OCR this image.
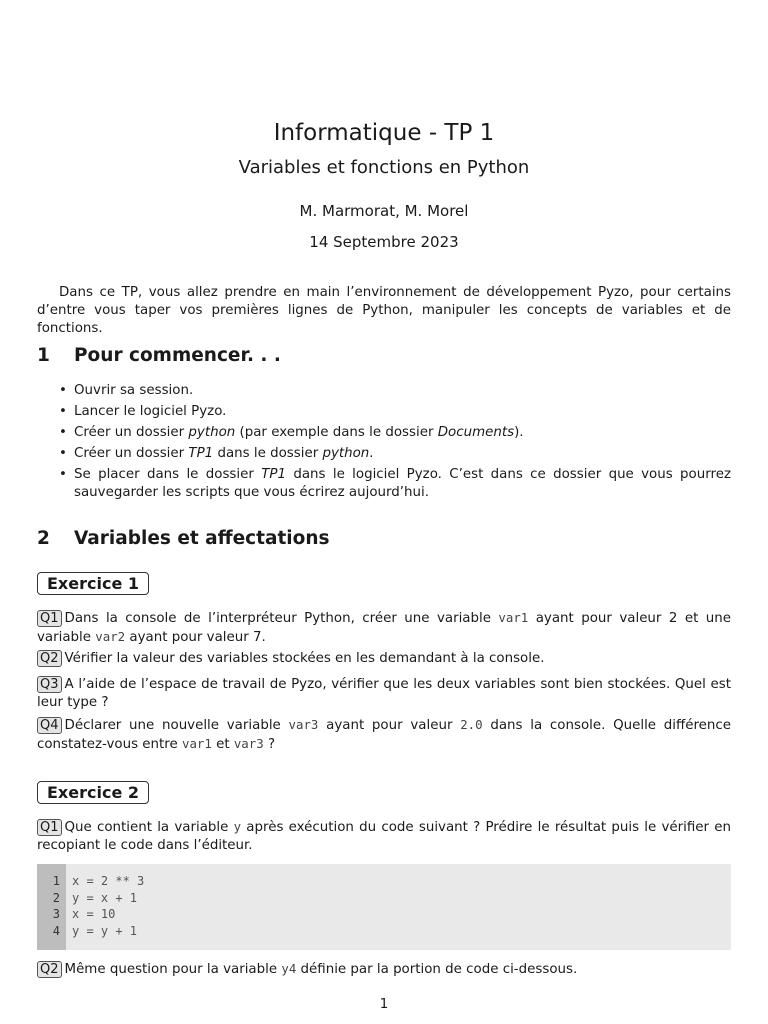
Informatique - TP 1
Variables et fonctions en Python
M. Marmorat, M. Morel
14 Septembre 2023
Dans ce TP, vous allez prendre en main l’environnement de développement Pyzo, pour certains d’entre vous taper vos premières lignes de Python, manipuler les concepts de variables et de fonctions.
1 Pour commencer. . .
• Ouvrir sa session.
• Lancer le logiciel Pyzo.
• Créer un dossier python (par exemple dans le dossier Documents).
• Créer un dossier TP1 dans le dossier python.
• Se placer dans le dossier TP1 dans le logiciel Pyzo. C’est dans ce dossier que vous pourrez sauvegarder les scripts que vous écrirez aujourd’hui.
2 Variables et affectations
Exercice 1
Q1 Dans la console de l’interpréteur Python, créer une variable var1 ayant pour valeur 2 et une variable var2 ayant pour valeur 7.
Q2 Vérifier la valeur des variables stockées en les demandant à la console.
Q3 A l’aide de l’espace de travail de Pyzo, vérifier que les deux variables sont bien stockées. Quel est leur type ?
Q4 Déclarer une nouvelle variable var3 ayant pour valeur 2.0 dans la console. Quelle différence constatez-vous entre var1 et var3 ?
Exercice 2
Q1 Que contient la variable y après exécution du code suivant ? Prédire le résultat puis le vérifier en recopiant le code dans l’éditeur.
1 x = 2 ** 3
2 y = x + 1
3 x = 10
4 y = y + 1
Q2 Même question pour la variable y4 définie par la portion de code ci-dessous.
1
